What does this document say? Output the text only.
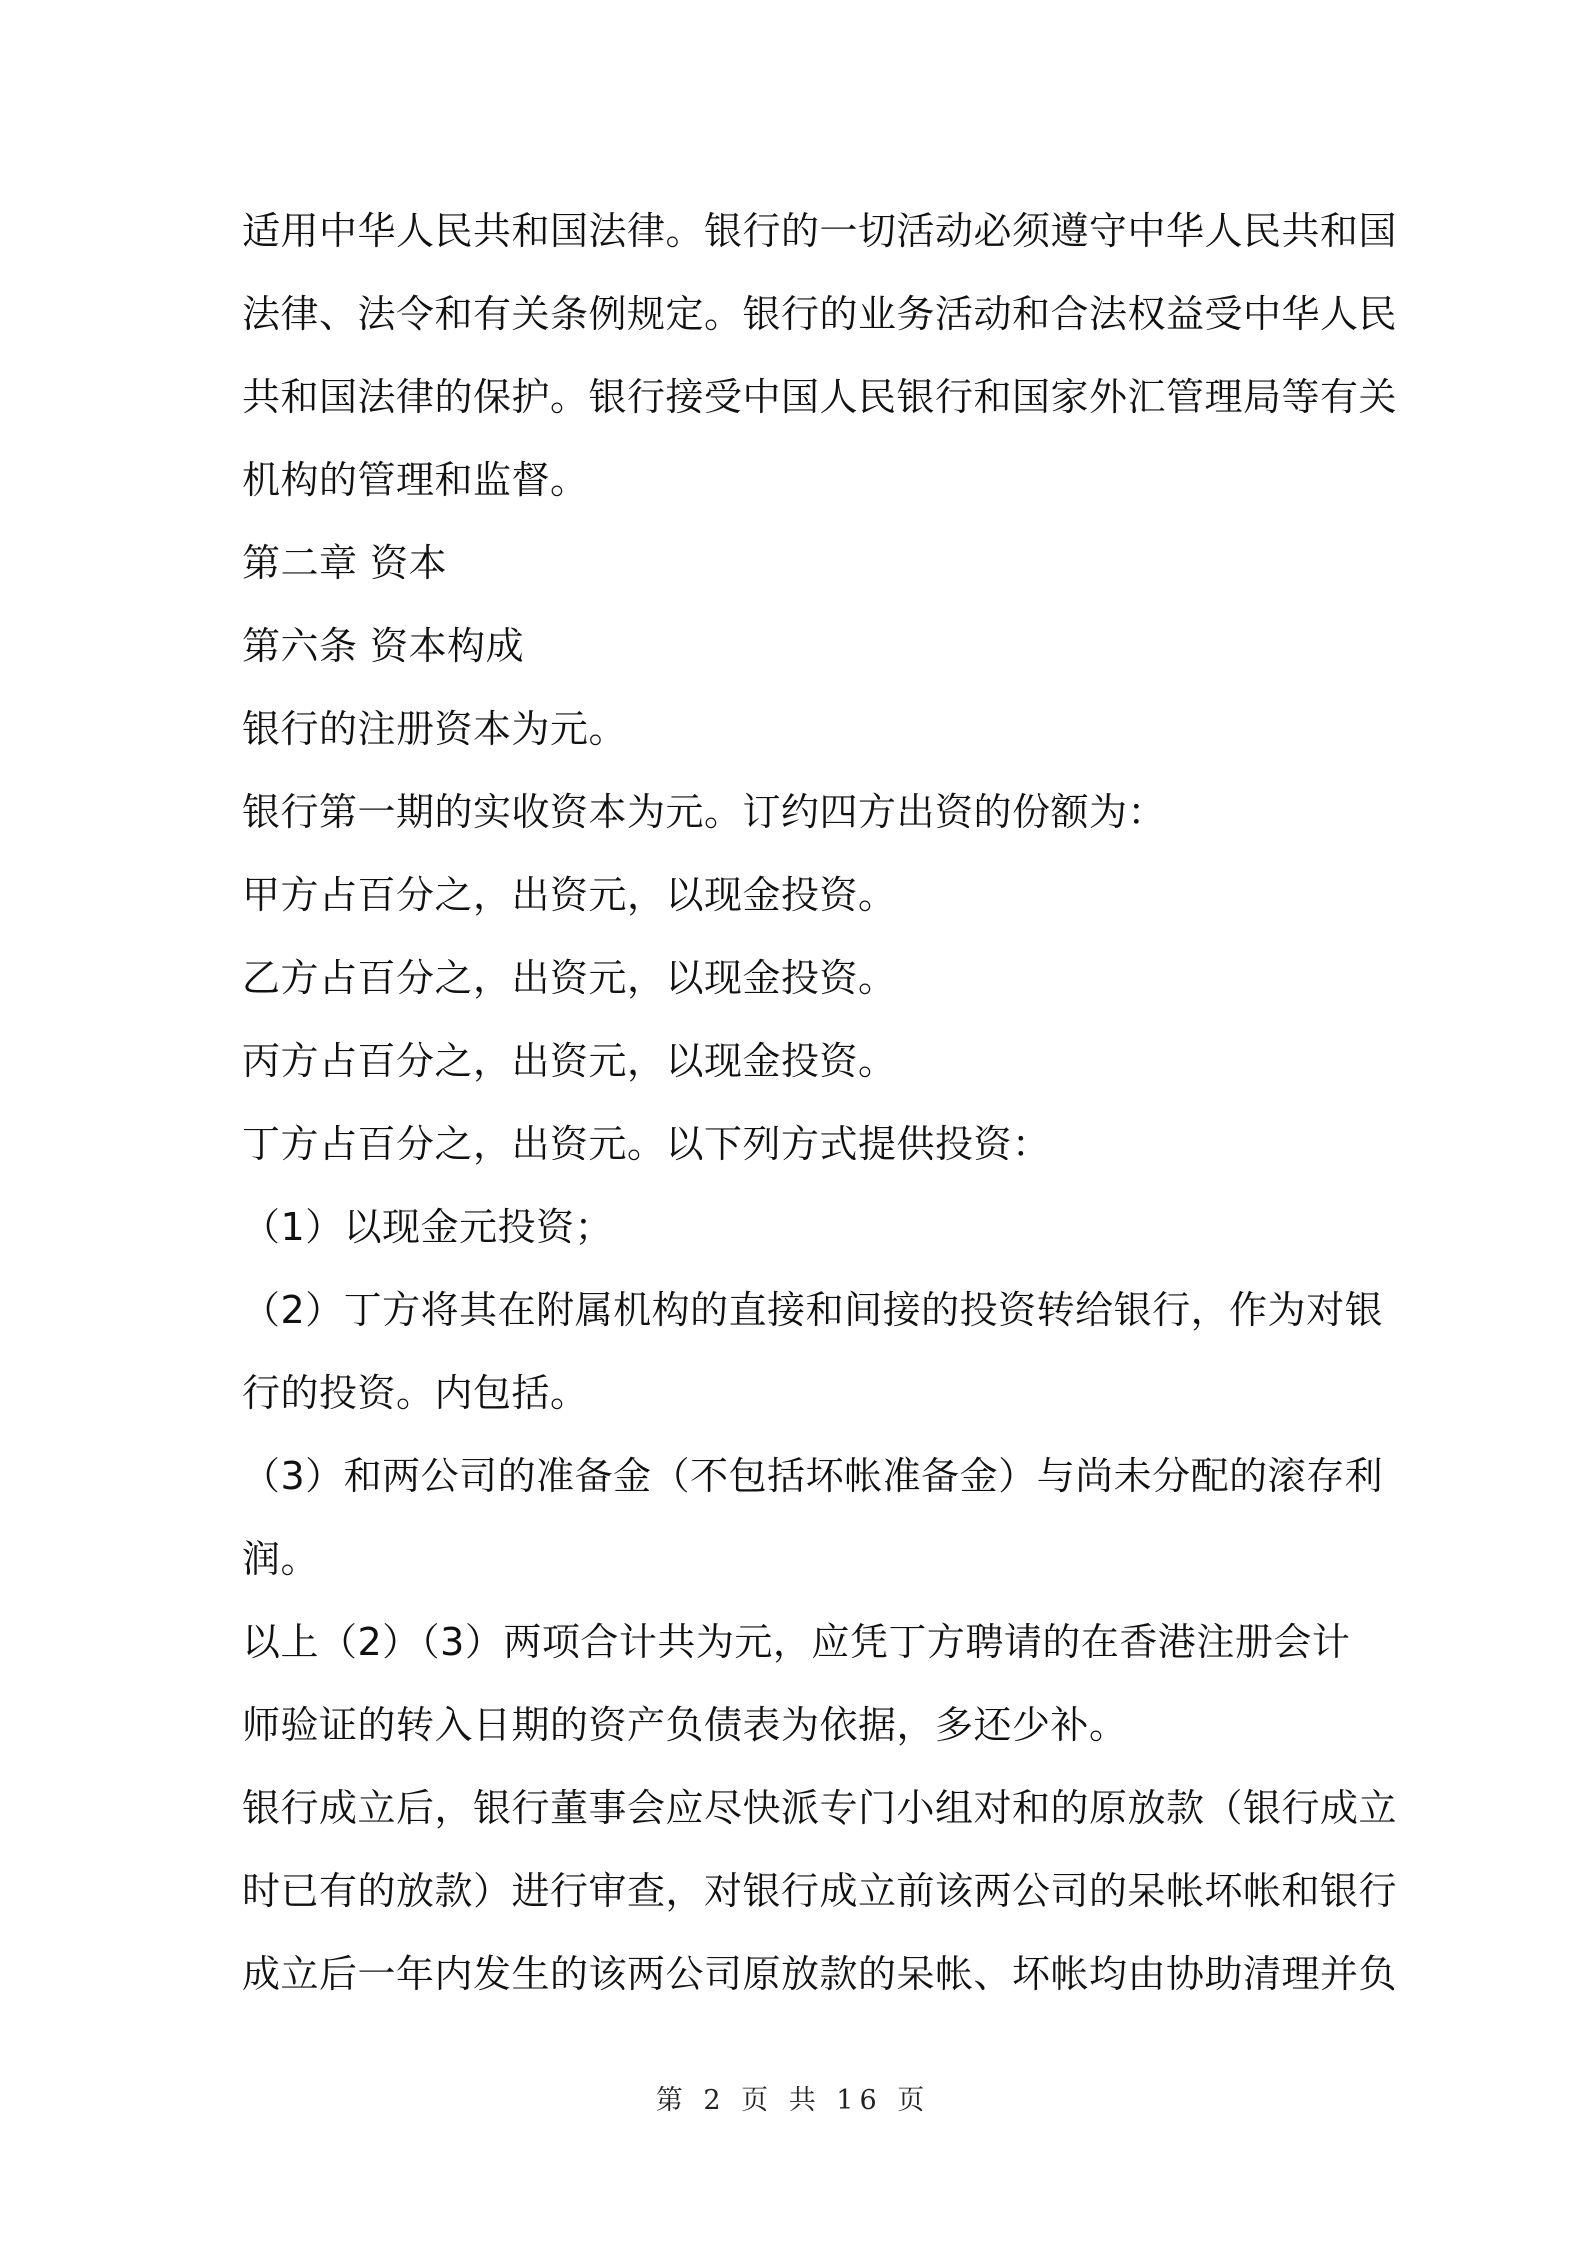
适用中华人民共和国法律。银行的一切活动必须遵守中华人民共和国
法律、法令和有关条例规定。银行的业务活动和合法权益受中华人民
共和国法律的保护。银行接受中国人民银行和国家外汇管理局等有关
机构的管理和监督。
第二章 资本
第六条 资本构成
银行的注册资本为元。
银行第一期的实收资本为元。订约四方出资的份额为：
甲方占百分之，出资元，以现金投资。
乙方占百分之，出资元，以现金投资。
丙方占百分之，出资元，以现金投资。
丁方占百分之，出资元。以下列方式提供投资：
（1）以现金元投资；
（2）丁方将其在附属机构的直接和间接的投资转给银行，作为对银
行的投资。内包括。
（3）和两公司的准备金（不包括坏帐准备金）与尚未分配的滚存利
润。
以上（2）（3）两项合计共为元，应凭丁方聘请的在香港注册会计
师验证的转入日期的资产负债表为依据，多还少补。
银行成立后，银行董事会应尽快派专门小组对和的原放款（银行成立
时已有的放款）进行审查，对银行成立前该两公司的呆帐坏帐和银行
成立后一年内发生的该两公司原放款的呆帐、坏帐均由协助清理并负
第 2 页 共 16 页
